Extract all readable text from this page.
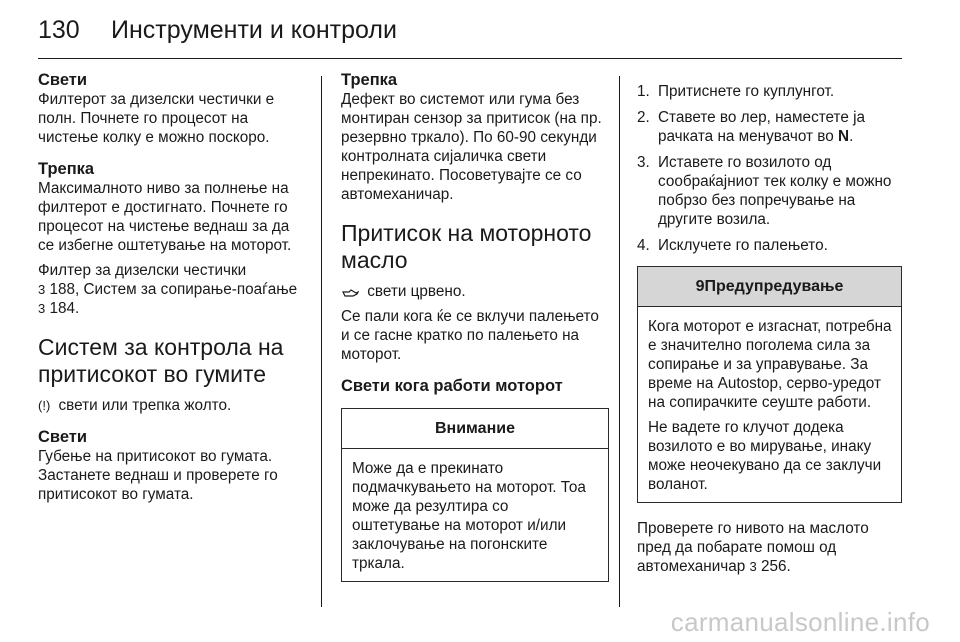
130 Инструменти и контроли

Свети

Филтерот за дизелски честички е полн. Почнете го процесот на чистење колку е можно поскоро.

Трепка

Максималното ниво за полнење на филтерот е достигнато. Почнете го процесот на чистење веднаш за да се избегне оштетување на моторот.

Филтер за дизелски честички
3 188, Систем за сопирање-поаѓање 3 184.

Систем за контрола на притисокот во гумите

(!) свети или трепка жолто.

Свети

Губење на притисокот во гумата. Застанете веднаш и проверете го притисокот во гумата.

Трепка

Дефект во системот или гума без монтиран сензор за притисок (на пр. резервно тркало). По 60-90 секунди контролната сијаличка свети непрекинато. Посоветувајте се со автомеханичар.

Притисок на моторното масло

свети црвено.

Се пали кога ќе се вклучи палењето и се гасне кратко по палењето на моторот.

Свети кога работи моторот

Внимание

Може да е прекинато подмачкувањето на моторот. Тоа може да резултира со оштетување на моторот и/или заклочување на погонските тркала.

1. Притиснете го куплунгот.
2. Ставете во лер, наместете ја рачката на менувачот во N.
3. Иставете го возилото од сообраќајниот тек колку е можно побрзо без попречување на другите возила.
4. Исклучете го палењето.
9Предупредување

Кога моторот е изгаснат, потребна е значително поголема сила за сопирање и за управување. За време на Autostop, серво-уредот на сопирачките сеуште работи.

Не вадете го клучот додека возилото е во мирување, инаку може неочекувано да се заклучи воланот.

Проверете го нивото на маслото пред да побарате помош од автомеханичар 3 256.

carmanualsonline.info
